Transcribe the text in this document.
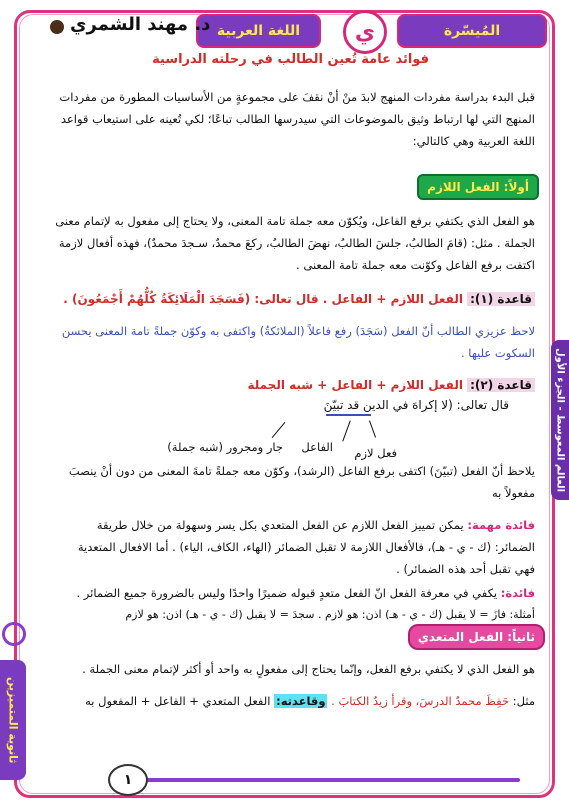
المُيسّرة
ي
اللغة العربية
د. مهند الشمري
فوائد عامة تُعين الطالب في رحلته الدراسية
قبل البدء بدراسة مفردات المنهج لابدَ منْ أنْ نقفَ على مجموعةٍ من الأساسيات المطورة من مفردات المنهج التي لها ارتباط وثيق بالموضوعات التي سيدرسها الطالب تباعًا؛ لكي تُعينه على استيعاب قواعد اللغة العربية وهي كالتالي:
أولاً: الفعل اللازم
هو الفعل الذي يكتفي برفع الفاعل، ويُكوّن معه جملة تامة المعنى، ولا يحتاج إلى مفعول به لإتمام معنى الجملة . مثل: (قامَ الطالبُ، جلسَ الطالبُ، نهضَ الطالبُ، ركعَ محمدٌ، سـجدَ محمدٌ)، فهذه أفعال لازمة اكتفت برفع الفاعل وكوّنت معه جملة تامة المعنى .
قاعدة (١): الفعل اللازم + الفاعل . قال تعالى: (فَسَجَدَ الْمَلَائِكَةُ كُلُّهُمْ أَجْمَعُونَ) .
لاحظ عزيزي الطالب أنّ الفعل (سَجَدَ) رفع فاعلاً (الملائكةُ) واكتفى به وكوّن جملةً تامة المعنى يحسن السكوت عليها .
قاعدة (٢): الفعل اللازم + الفاعل + شبه الجملة
قال تعالى: (لا إكراهَ في الدين قد تبيّنَ
فعل لازم
الفاعل
جار ومجرور (شبه جملة)
يلاحظ أنّ الفعل (تبيّنَ) اكتفى برفع الفاعل (الرشد)، وكوّن معه جملةً تامةَ المعنى من دون أنْ ينصبَ مفعولاً به
فائدة مهمة: يمكن تمييز الفعل اللازم عن الفعل المتعدي بكل يسر وسهولة من خلال طريقة الضمائر: (ك - ي - هـ)، فالأفعال اللازمة لا تقبل الضمائر (الهاء، الكاف، الياء) . أما الافعال المتعدية فهي تقبل أحد هذه الضمائر) .
فائدة: يكفي في معرفة الفعل انّ الفعل متعدٍ قبوله ضميرًا واحدًا وليس بالضرورة جميع الضمائر .
أمثلة: فازَ = لا يقبل (ك - ي - هـ) اذن: هو لازم . سجدَ = لا يقبل (ك - ي - هـ) اذن: هو لازم
ثانياً: الفعل المتعدي
هو الفعل الذي لا يكتفي برفع الفعل، وإنّما يحتاج إلى مفعولٍ به واحد أو أكثر لإتمام معنى الجملة .
مثل: حَفِظَ محمدٌ الدرسَ، وقرأ زيدٌ الكتابَ . وقاعدته: الفعل المتعدي + الفاعل + المفعول به
العالم المعوسط - الجزء الأول
ثانوية المتميزين
١
